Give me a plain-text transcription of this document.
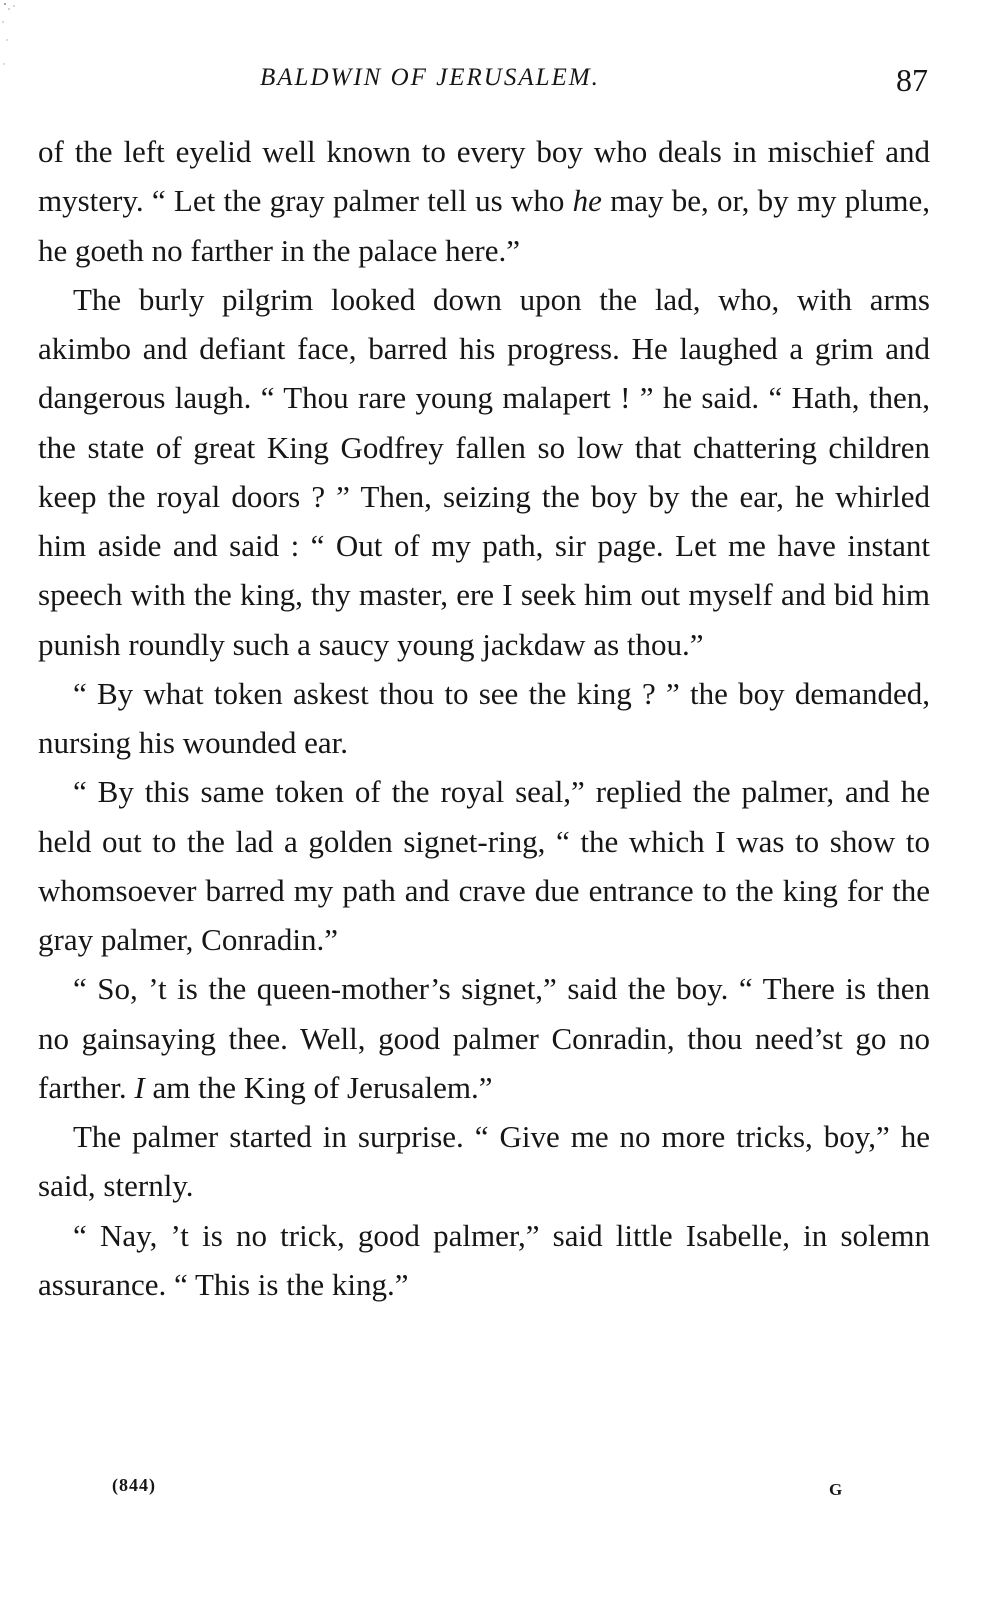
BALDWIN OF JERUSALEM.	87

of the left eyelid well known to every boy who deals in mischief and mystery. “ Let the gray palmer tell us who he may be, or, by my plume, he goeth no farther in the palace here.”

The burly pilgrim looked down upon the lad, who, with arms akimbo and defiant face, barred his progress. He laughed a grim and dangerous laugh. “ Thou rare young malapert ! ” he said. “ Hath, then, the state of great King Godfrey fallen so low that chattering children keep the royal doors ? ” Then, seizing the boy by the ear, he whirled him aside and said : “ Out of my path, sir page. Let me have instant speech with the king, thy master, ere I seek him out myself and bid him punish roundly such a saucy young jackdaw as thou.”

“ By what token askest thou to see the king ? ” the boy demanded, nursing his wounded ear.

“ By this same token of the royal seal,” replied the palmer, and he held out to the lad a golden signet-ring, “ the which I was to show to whomsoever barred my path and crave due entrance to the king for the gray palmer, Conradin.”

“ So, ’t is the queen-mother’s signet,” said the boy. “ There is then no gainsaying thee. Well, good palmer Conradin, thou need’st go no farther. I am the King of Jerusalem.”

The palmer started in surprise. “ Give me no more tricks, boy,” he said, sternly.

“ Nay, ’t is no trick, good palmer,” said little Isabelle, in solemn assurance. “ This is the king.”

(844)	G
